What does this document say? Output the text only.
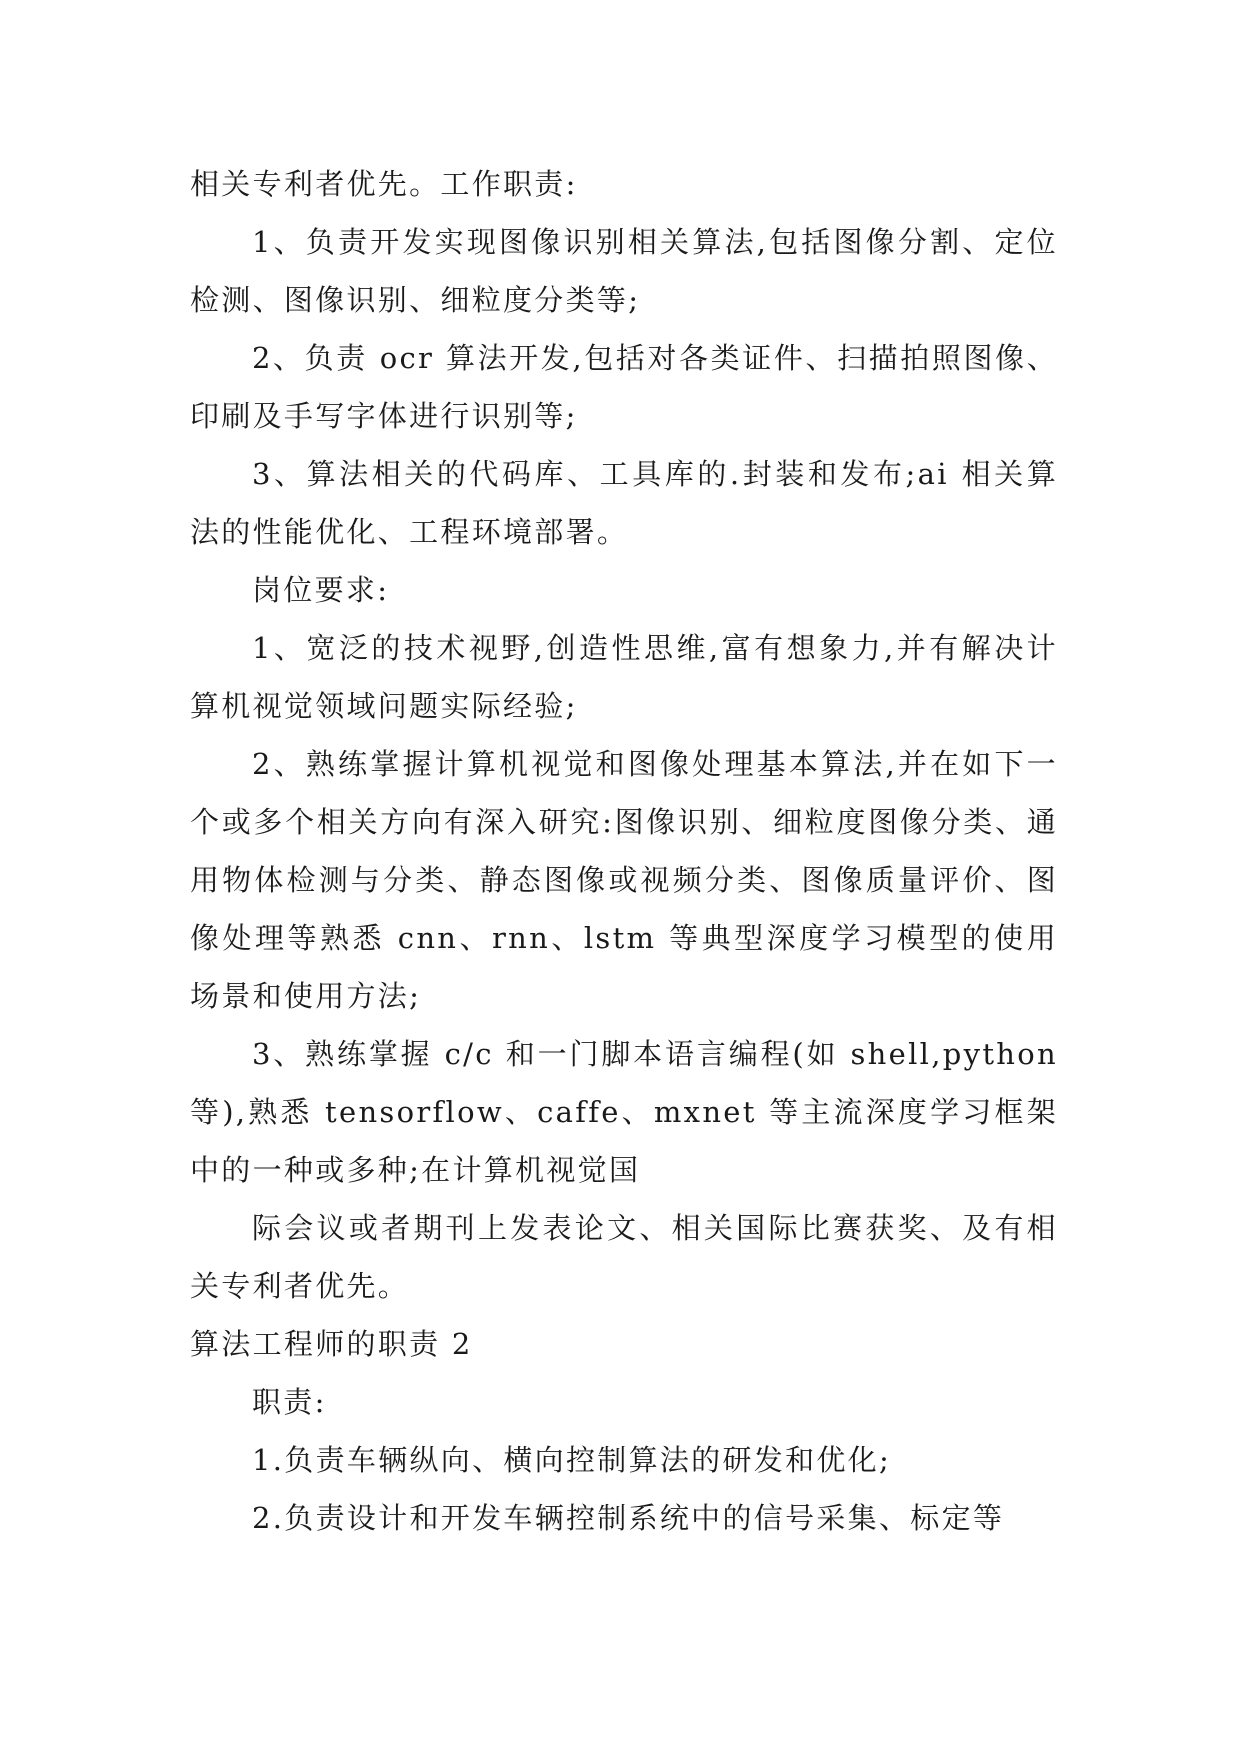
相关专利者优先。工作职责:

1、负责开发实现图像识别相关算法,包括图像分割、定位检测、图像识别、细粒度分类等;

2、负责 ocr 算法开发,包括对各类证件、扫描拍照图像、印刷及手写字体进行识别等;

3、算法相关的代码库、工具库的.封装和发布;ai 相关算法的性能优化、工程环境部署。

岗位要求:

1、宽泛的技术视野,创造性思维,富有想象力,并有解决计算机视觉领域问题实际经验;

2、熟练掌握计算机视觉和图像处理基本算法,并在如下一个或多个相关方向有深入研究:图像识别、细粒度图像分类、通用物体检测与分类、静态图像或视频分类、图像质量评价、图像处理等熟悉 cnn、rnn、lstm 等典型深度学习模型的使用场景和使用方法;

3、熟练掌握 c/c 和一门脚本语言编程(如 shell,python 等),熟悉 tensorflow、caffe、mxnet 等主流深度学习框架中的一种或多种;在计算机视觉国

际会议或者期刊上发表论文、相关国际比赛获奖、及有相关专利者优先。

算法工程师的职责 2

职责:

1.负责车辆纵向、横向控制算法的研发和优化;

2.负责设计和开发车辆控制系统中的信号采集、标定等
